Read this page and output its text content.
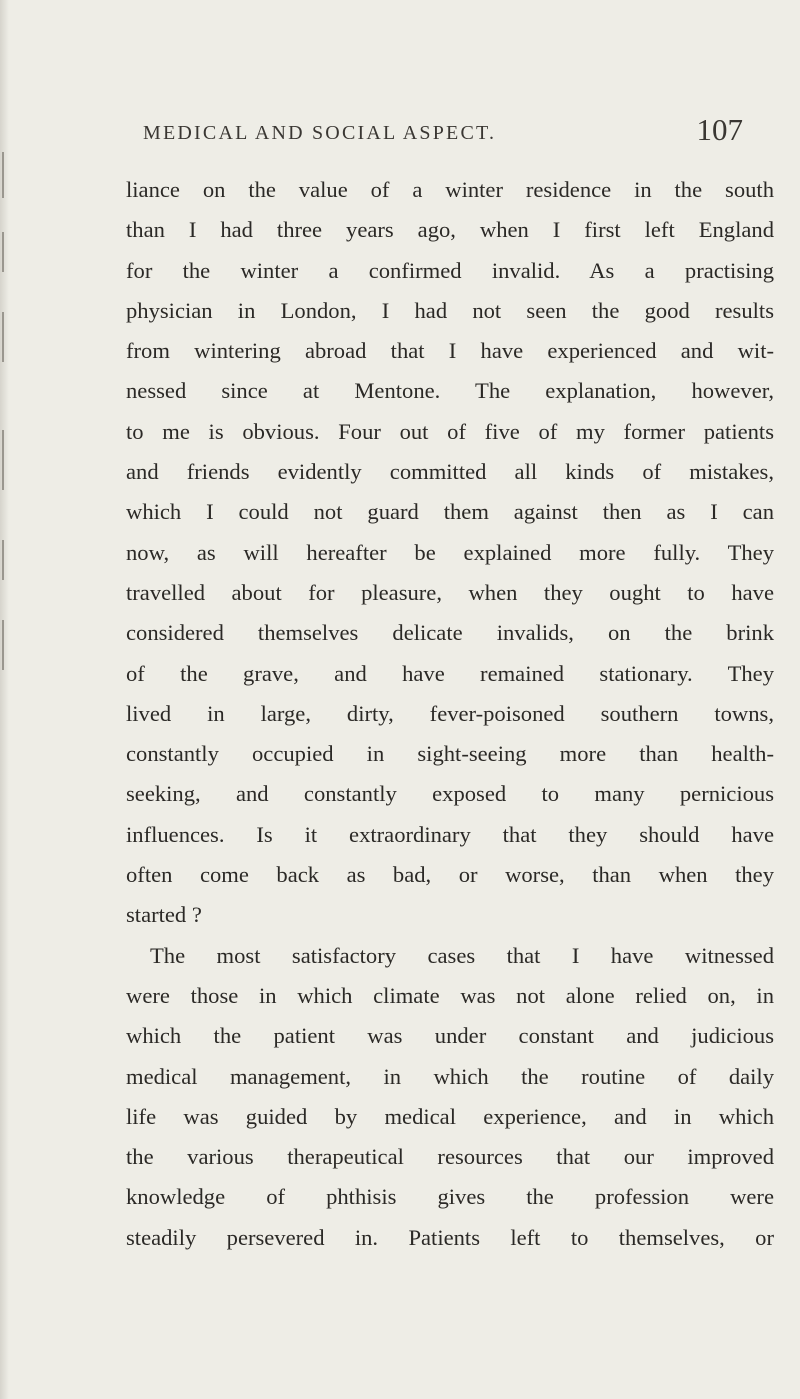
MEDICAL AND SOCIAL ASPECT.	107
liance on the value of a winter residence in the south
than I had three years ago, when I first left England
for the winter a confirmed invalid. As a practising
physician in London, I had not seen the good results
from wintering abroad that I have experienced and wit-
nessed since at Mentone. The explanation, however,
to me is obvious. Four out of five of my former patients
and friends evidently committed all kinds of mistakes,
which I could not guard them against then as I can
now, as will hereafter be explained more fully. They
travelled about for pleasure, when they ought to have
considered themselves delicate invalids, on the brink
of the grave, and have remained stationary. They
lived in large, dirty, fever-poisoned southern towns,
constantly occupied in sight-seeing more than health-
seeking, and constantly exposed to many pernicious
influences. Is it extraordinary that they should have
often come back as bad, or worse, than when they
started ?
The most satisfactory cases that I have witnessed
were those in which climate was not alone relied on, in
which the patient was under constant and judicious
medical management, in which the routine of daily
life was guided by medical experience, and in which
the various therapeutical resources that our improved
knowledge of phthisis gives the profession were
steadily persevered in. Patients left to themselves, or
